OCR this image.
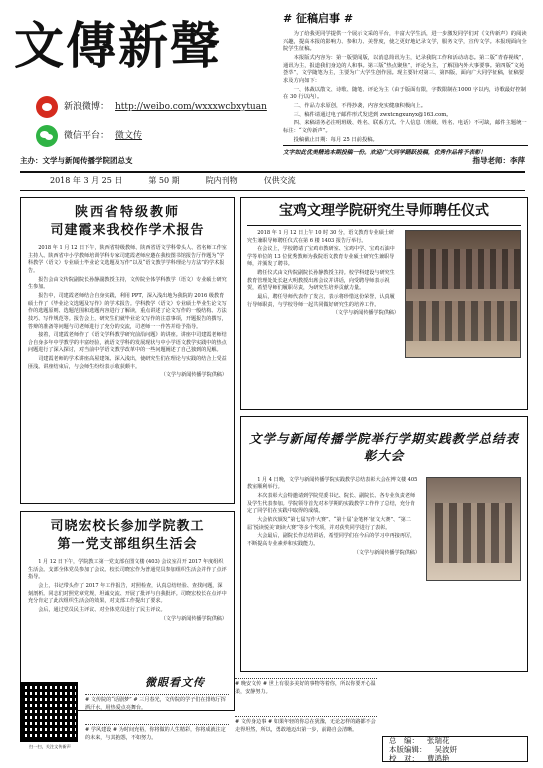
文傳新聲
新浪微博： http://weibo.com/wxxxwcbxytuan
微信平台： 微文传
主办：文学与新闻传播学院团总支	指导老师：李萍
2018 年 3 月 25 日	第 50 期	院内刊物	仅供交流
# 征稿启事 #

为了给我更同学提供一个展示文采的平台，丰富大学生活，进一步激发同学们对《文传新声》的阅读兴趣，提高本报的影响力、参和力、美誉度，使之更好地记录文学，服务文学，宣传文学。本报现面向全院学生征稿。

本报版式内容为：第一版要闻版，以消息简讯为主，记录我院工作和活动动态。第二版“青春视线”，通讯为主，报道我们身边的人和事。第三版“热点聚焦”，评论为主，了解国内外大事要事。第四版“文苑荟萃”，文学随笔为主，主要为广大学生创作园。现主要针对第三、第四版，面向广大同学征稿，征稿要求及方向如下：

一、体裁以散文、诗歌、随笔、评论为主（由于版面有限，字数限制在1000 字以内，诗歌最好控制在 30 行以内）。

二、作品力求原创，不得抄袭，内容充实健康积极向上。

三、稿件请通过电子邮件形式发送到 zwxtcngxunyx@163.com。

四、来稿请务必注明班级、姓名、联系方式。个人信息（班级、姓名、电话）不可缺，邮件主题统一标注：“文传新声”。

投稿截止日期：每月 25 日前投稿。

文字如此优美精选本期投稿一份。欢迎广大同学踊跃投稿，优秀作品将予表彰！

陕西省特级教师
司建霞来我校作学术报告

2018 年 1 月 12 日下午，陕西省特级教师、陕西省语文学科带头人、省名师工作室主持人、陕西省中小学教师培训学科专家司建霞老师应邀在我校图书馆报告厅作题为“学科教学（语文）专业硕士毕业论文选题及写作”以及“语文教学学科理论与方法”的学术报告。

报告会由文传院副院长孙静副教授主持，文传院全体学科教学（语文）专业硕士研究生参加。

报告中，司建霞老师结合自身实践，利用 PPT，深入浅出地为我院的 2016 级教育硕士作了《毕业论文选题及写作》的学术报告。学科教学（语文）专业硕士毕业生论文写作的选题原则、选题范围和选题内容进行了解读，重点讲述了论文写作的一般结构、方法技巧、写作规范等。报告会上，研究生们就毕业论文写作的注意事项，开题报告的撰写，答辩的准备等问题与司老师进行了充分的交流，司老师一一作答并给予指导。

接着，司建霞老师作了《语文学科教学研究前沿问题》的讲座。讲座中司建霞老师结合自身多年中学教学的丰富经验，就语文学科的发展现状与中小学语文教学实践中的热点问题进行了深入探讨，对当前中学语文教学改革中的一些问题阐述了自己独到的见解。

司建霞老师的学术讲座高屋建瓴、深入浅出，使研究生们在理论与实践的结合上受益匪浅。讲座结束后，与会师生纷纷表示收获颇丰。

（文学与新闻传播学院供稿）

司晓宏校长参加学院教工
第一党支部组织生活会

1 月 12 日下午，学院教工第一党支部在图文楼 (403) 会议室召开 2017 年度组织生活会。支部全体党员参加了会议。校长司晓宏作为普通党员参加组织生活会并作了点评指导。

会上，书记带头作了 2017 年工作报告，对照检查，认真总结经验、查找问题，深刻剖析。同志们对照党章党规，坦诚交流、开展了批评与自我批评。司晓宏校长在点评中充分肯定了此次组织生活会的效果，对支部工作提出了要求。

会后，通过党员民主评议、对全体党员进行了民主评议。

（文学与新闻传播学院供稿）

宝鸡文理学院研究生导师聘任仪式

2018 年 1 月 12 日上午 10 时 30 分，语文教育专业硕士研究生兼职导师聘任仪式在第 6 楼 1403 报告厅举行。

在会议上，学校聘请了宝鸡市教研室、宝鸡中学、宝鸡石油中学等单位的 13 位优秀教师为我院语文教育专业硕士研究生兼职导师，并颁发了聘书。

聘任仪式由文传院副院长孙静教授主持。校学科建设与研究生教育管理处处长赵大明教授出席会议并讲话，向受聘导师表示祝贺，希望导师们履职尽责，为研究生培养贡献力量。

最后，聘任导师代表作了发言，表示将珍惜这份荣誉，认真履行导师职责，与学校导师一起共同做好研究生的培养工作。

（文学与新闻传播学院供稿）

文学与新闻传播学院举行学期实践教学总结表彰大会

1 月 4 日晚，文学与新闻传播学院实践教学总结表彰大会在博文楼 405 教室顺利举行。

本次表彰大会特邀请到学院党委书记、院长、副院长、各专业负责老师及学生代表参加。学院领导首先对本学期的实践教学工作作了总结，充分肯定了同学们在实践中取得的成绩。

大会依次颁发“第七届写作大赛”、“第十届‘金笔杯’征文大赛”、“第二届‘悦读悦美’朗读大赛”等多个奖项，并对获奖同学进行了表彰。

大会最后，副院长作总结讲话，希望同学们在今后的学习中再接再厉，不断提高专业素养和实践能力。

（文学与新闻传播学院供稿）

扫一扫，关注文传新声
微眼看文传
# 文传院的“话剧梦” # 三月春光，文传院的学子们在排练厅挥洒汗水，用热爱点亮舞台。
# 学风建设 # 为时间充裕，你将做的人生精彩，你将成就注定的未来，与其抱怨，不如努力。
# 晚安文传 # 世上有很多美好的事物等着你，所以你要开心温柔，安静努力。
# 文传身边事 # 如果年轻的你总在犹豫，无论怎样的路都不会走得坦然，所以，勇敢地迈出第一步，前路自会清晰。
总　编： 张瑞花
本版编辑： 吴波妍
校　对： 曹鸿艳
